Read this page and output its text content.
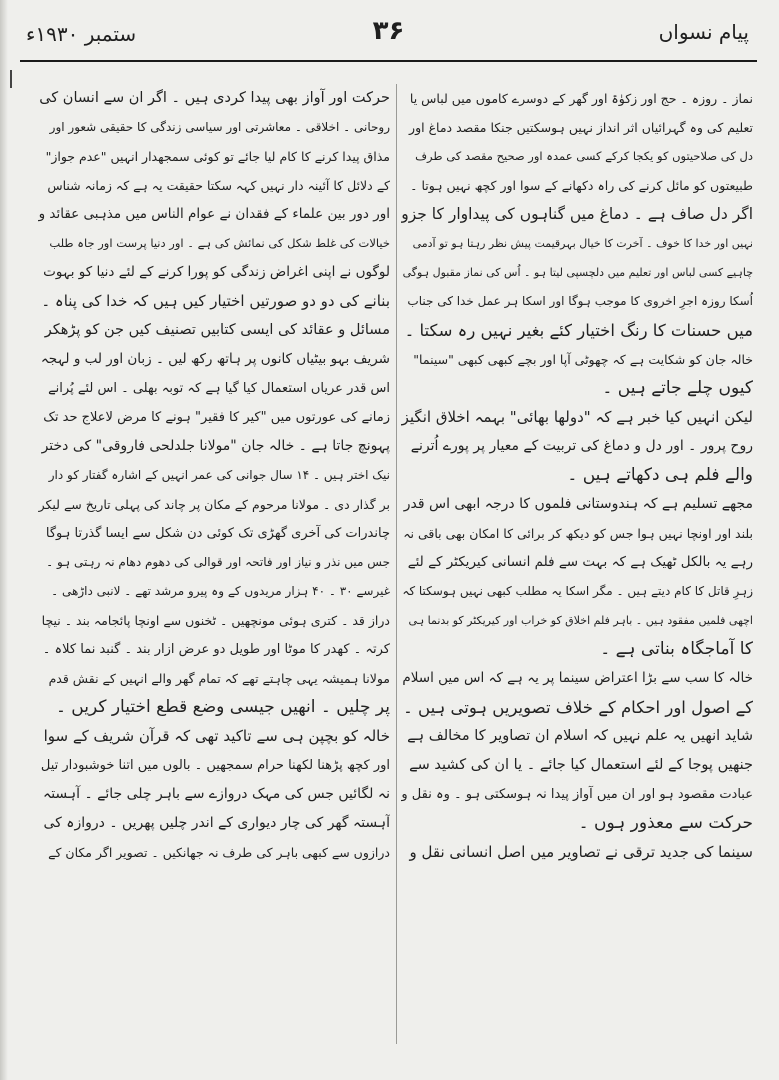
پیام نسواں
۳۶
ستمبر ۱۹۳۰ء
نماز ۔ روزہ ۔ حج اور زکوٰۃ اور گھر کے دوسرے کاموں میں لباس یا
تعلیم کی وہ گہرائیاں اثر انداز نہیں ہوسکتیں جنکا مقصد دماغ اور
دل کی صلاحیتوں کو یکجا کرکے کسی عمدہ اور صحیح مقصد کی طرف
طبیعتوں کو مائل کرنے کی راہ دکھانے کے سوا اور کچھ نہیں ہوتا ۔
اگر دل صاف ہے ۔ دماغ میں گناہوں کی پیداوار کا جزو
نہیں اور خدا کا خوف ۔ آخرت کا خیال بہرقیمت پیش نظر رہتا ہو تو آدمی
چاہیے کسی لباس اور تعلیم میں دلچسپی لیتا ہو ۔ اُس کی نماز مقبول ہوگی
اُسکا روزہ اجرِ اخروی کا موجب ہوگا اور اسکا ہر عمل خدا کی جناب
میں حسنات کا رنگ اختیار کئے بغیر نہیں رہ سکتا ۔
خالہ جان کو شکایت ہے کہ چھوٹی آپا اور بچے کبھی کبھی "سینما"
کیوں چلے جاتے ہیں ۔
لیکن انہیں کیا خبر ہے کہ "دولھا بھائی" بہمہ اخلاق انگیز
روح پرور ۔ اور دل و دماغ کی تربیت کے معیار پر پورے اُترنے
والے فلم ہی دکھاتے ہیں ۔
مجھے تسلیم ہے کہ ہندوستانی فلموں کا درجہ ابھی اس قدر
بلند اور اونچا نہیں ہوا جس کو دیکھ کر برائی کا امکان بھی باقی نہ
رہے یہ بالکل ٹھیک ہے کہ بہت سے فلم انسانی کیریکٹر کے لئے
زہرِ قاتل کا کام دیتے ہیں ۔ مگر اسکا یہ مطلب کبھی نہیں ہوسکتا کہ
اچھی فلمیں مفقود ہیں ۔ باہر فلم اخلاق کو خراب اور کیریکٹر کو بدنما ہی
کا آماجگاہ بناتی ہے ۔
خالہ کا سب سے بڑا اعتراض سینما پر یہ ہے کہ اس میں اسلام
کے اصول اور احکام کے خلاف تصویریں ہوتی ہیں ۔
شاید انھیں یہ علم نہیں کہ اسلام ان تصاویر کا مخالف ہے
جنھیں پوجا کے لئے استعمال کیا جائے ۔ یا ان کی کشید سے
عبادت مقصود ہو اور ان میں آواز پیدا نہ ہوسکتی ہو ۔ وہ نقل و
حرکت سے معذور ہوں ۔
سینما کی جدید ترقی نے تصاویر میں اصل انسانی نقل و
حرکت اور آواز بھی پیدا کردی ہیں ۔ اگر ان سے انسان کی
روحانی ۔ اخلاقی ۔ معاشرتی اور سیاسی زندگی کا حقیقی شعور اور
مذاق پیدا کرنے کا کام لیا جائے تو کوئی سمجھدار انہیں "عدم جواز"
کے دلائل کا آئینہ دار نہیں کہہ سکتا حقیقت یہ ہے کہ زمانہ شناس
اور دور بین علماء کے فقدان نے عوام الناس میں مذہبی عقائد و
خیالات کی غلط شکل کی نمائش کی ہے ۔ اور دنیا پرست اور جاہ طلب
لوگوں نے اپنی اغراض زندگی کو پورا کرنے کے لئے دنیا کو بہوت
بنانے کی دو دو صورتیں اختیار کیں ہیں کہ خدا کی پناہ ۔
مسائل و عقائد کی ایسی کتابیں تصنیف کیں جن کو پڑھکر
شریف بہو بیٹیاں کانوں پر ہاتھ رکھ لیں ۔ زبان اور لب و لہجہ
اس قدر عریاں استعمال کیا گیا ہے کہ توبہ بھلی ۔ اس لئے پُرانے
زمانے کی عورتوں میں "کیر کا فقیر" ہونے کا مرض لاعلاج حد تک
پہونچ جاتا ہے ۔ خالہ جان "مولانا جلدلحی فاروقی" کی دختر
نیک اختر ہیں ۔ ۱۴ سال جوانی کی عمر انہیں کے اشارہ گفتار کو دار
بر گذار دی ۔ مولانا مرحوم کے مکان پر چاند کی پہلی تاریخ سے لیکر
چاندرات کی آخری گھڑی تک کوئی دن شکل سے ایسا گذرتا ہوگا
جس میں نذر و نیاز اور فاتحہ اور قوالی کی دھوم دھام نہ رہتی ہو ۔
غیرسے ۳۰ ۔ ۴۰ ہزار مریدوں کے وہ پیرو مرشد تھے ۔ لانبی داڑھی ۔
دراز قد ۔ کتری ہوئی مونچھیں ۔ ٹخنوں سے اونچا پائجامہ بند ۔ نیچا
کرتہ ۔ کھدر کا موٹا اور طویل دو عرض ازار بند ۔ گنبد نما کلاہ ۔
مولانا ہمیشہ یہی چاہتے تھے کہ تمام گھر والے انہیں کے نقش قدم
پر چلیں ۔ انھیں جیسی وضع قطع اختیار کریں ۔
خالہ کو بچپن ہی سے تاکید تھی کہ قرآن شریف کے سوا
اور کچھ پڑھنا لکھنا حرام سمجھیں ۔ بالوں میں اتنا خوشبودار تیل
نہ لگائیں جس کی مہک دروازے سے باہر چلی جائے ۔ آہستہ
آہستہ گھر کی چار دیواری کے اندر چلیں پھریں ۔ دروازہ کی
درازوں سے کبھی باہر کی طرف نہ جھانکیں ۔ تصویر اگر مکان کے
